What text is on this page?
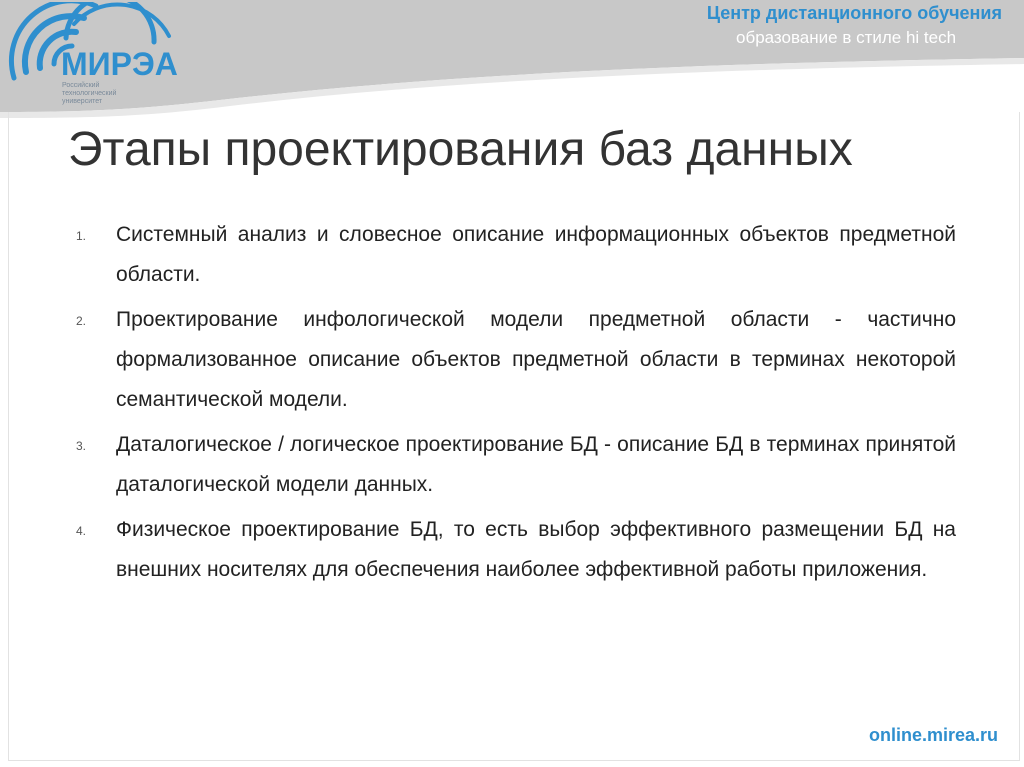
МИРЭА
Российский технологический университет
Центр дистанционного обучения
образование в стиле hi tech
Этапы проектирования баз данных
1. Системный анализ и словесное описание информационных объектов предметной области.
2. Проектирование инфологической модели предметной области - частично формализованное описание объектов предметной области в терминах некоторой семантической модели.
3. Даталогическое / логическое проектирование БД - описание БД в терминах принятой даталогической модели данных.
4. Физическое проектирование БД, то есть выбор эффективного размещении БД на внешних носителях для обеспечения наиболее эффективной работы приложения.
online.mirea.ru
